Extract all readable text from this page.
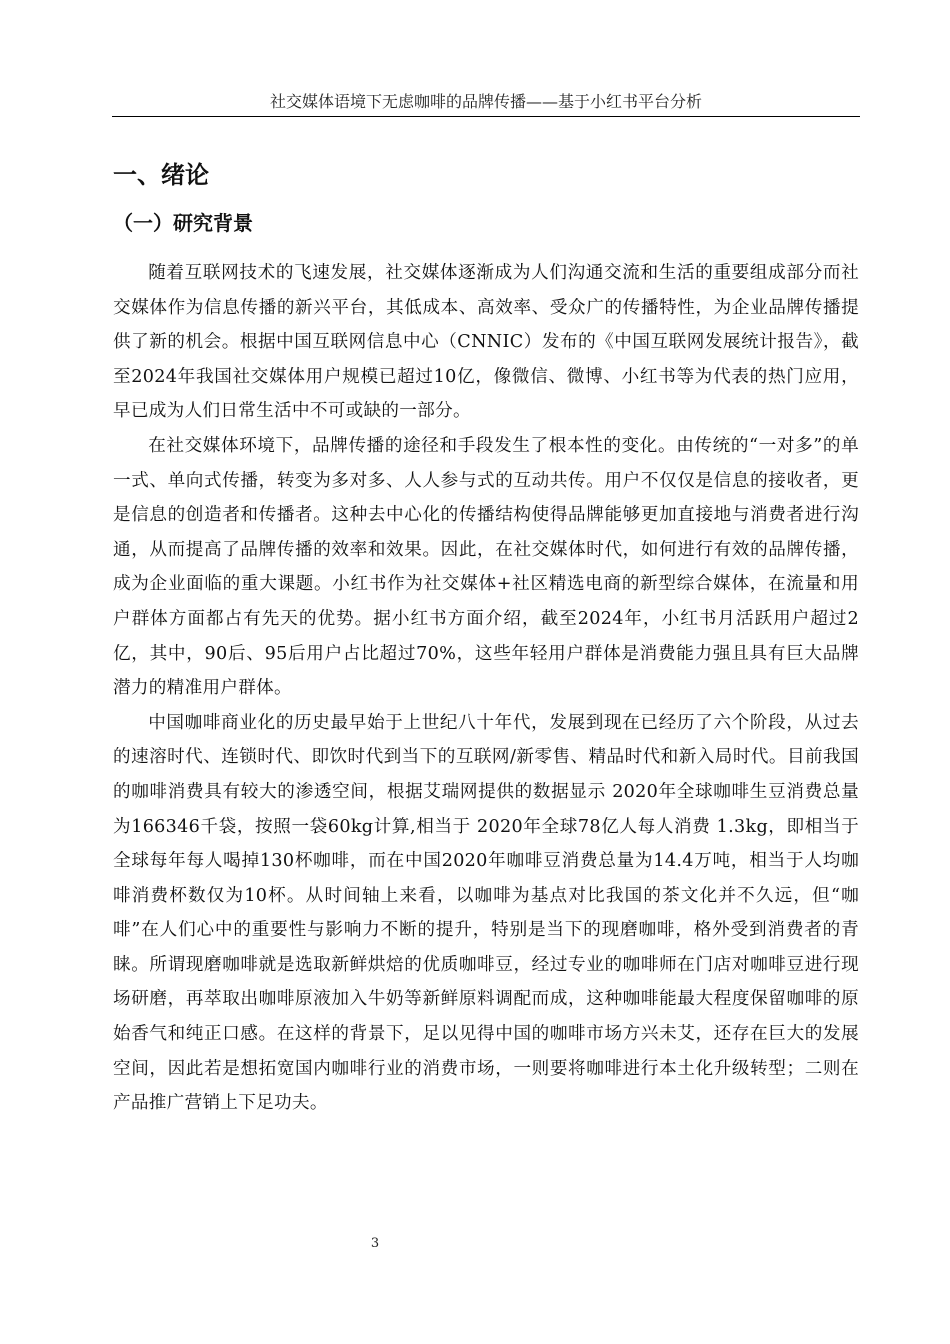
社交媒体语境下无虑咖啡的品牌传播——基于小红书平台分析
一、绪论
（一）研究背景

随着互联网技术的飞速发展，社交媒体逐渐成为人们沟通交流和生活的重要组成部分而社交媒体作为信息传播的新兴平台，其低成本、高效率、受众广的传播特性，为企业品牌传播提供了新的机会。根据中国互联网信息中心（CNNIC）发布的《中国互联网发展统计报告》，截至2024年我国社交媒体用户规模已超过10亿，像微信、微博、小红书等为代表的热门应用，早已成为人们日常生活中不可或缺的一部分。

在社交媒体环境下，品牌传播的途径和手段发生了根本性的变化。由传统的“一对多”的单一式、单向式传播，转变为多对多、人人参与式的互动共传。用户不仅仅是信息的接收者，更是信息的创造者和传播者。这种去中心化的传播结构使得品牌能够更加直接地与消费者进行沟通，从而提高了品牌传播的效率和效果。因此，在社交媒体时代，如何进行有效的品牌传播，成为企业面临的重大课题。小红书作为社交媒体+社区精选电商的新型综合媒体，在流量和用户群体方面都占有先天的优势。据小红书方面介绍，截至2024年，小红书月活跃用户超过2亿，其中，90后、95后用户占比超过70%，这些年轻用户群体是消费能力强且具有巨大品牌潜力的精准用户群体。

中国咖啡商业化的历史最早始于上世纪八十年代，发展到现在已经历了六个阶段，从过去的速溶时代、连锁时代、即饮时代到当下的互联网/新零售、精品时代和新入局时代。目前我国的咖啡消费具有较大的渗透空间，根据艾瑞网提供的数据显示 2020年全球咖啡生豆消费总量为166346千袋，按照一袋60kg计算,相当于 2020年全球78亿人每人消费 1.3kg，即相当于全球每年每人喝掉130杯咖啡，而在中国2020年咖啡豆消费总量为14.4万吨，相当于人均咖啡消费杯数仅为10杯。从时间轴上来看，以咖啡为基点对比我国的茶文化并不久远，但“咖啡”在人们心中的重要性与影响力不断的提升，特别是当下的现磨咖啡，格外受到消费者的青睐。所谓现磨咖啡就是选取新鲜烘焙的优质咖啡豆，经过专业的咖啡师在门店对咖啡豆进行现场研磨，再萃取出咖啡原液加入牛奶等新鲜原料调配而成，这种咖啡能最大程度保留咖啡的原始香气和纯正口感。在这样的背景下，足以见得中国的咖啡市场方兴未艾，还存在巨大的发展空间，因此若是想拓宽国内咖啡行业的消费市场，一则要将咖啡进行本土化升级转型；二则在产品推广营销上下足功夫。

3
